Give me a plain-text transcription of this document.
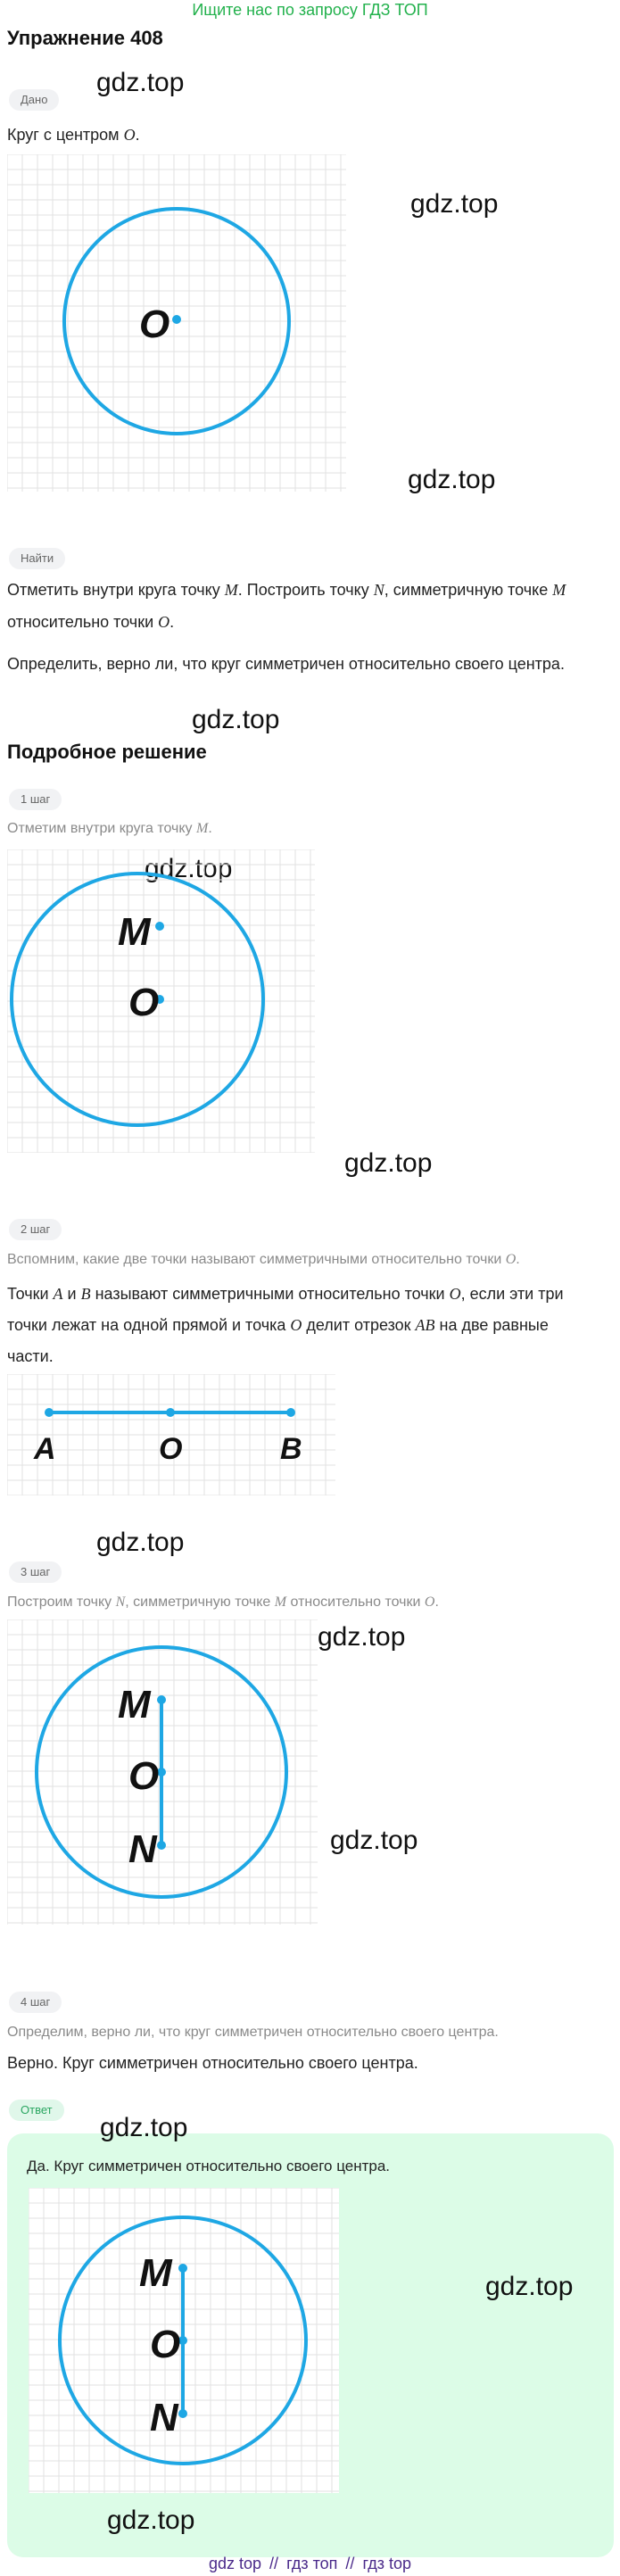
Ищите нас по запросу ГДЗ ТОП
Упражнение 408
Дано
gdz.top
Круг с центром O.
O
gdz.top
gdz.top
Найти
Отметить внутри круга точку M. Построить точку N, симметричную точке M
относительно точки O.
Определить, верно ли, что круг симметричен относительно своего центра.
gdz.top
Подробное решение
1 шаг
Отметим внутри круга точку M.
gdz.top
M
O
gdz.top
2 шаг
Вспомним, какие две точки называют симметричными относительно точки O.
Точки A и B называют симметричными относительно точки O, если эти три
точки лежат на одной прямой и точка O делит отрезок AB на две равные
части.
A	O	B
gdz.top
3 шаг
Построим точку N, симметричную точке M относительно точки O.
M
O
N
gdz.top
gdz.top
4 шаг
Определим, верно ли, что круг симметричен относительно своего центра.
Верно. Круг симметричен относительно своего центра.
Ответ
gdz.top
Да. Круг симметричен относительно своего центра.
M
O
N
gdz.top
gdz.top
gdz top // гдз топ // гдз top
